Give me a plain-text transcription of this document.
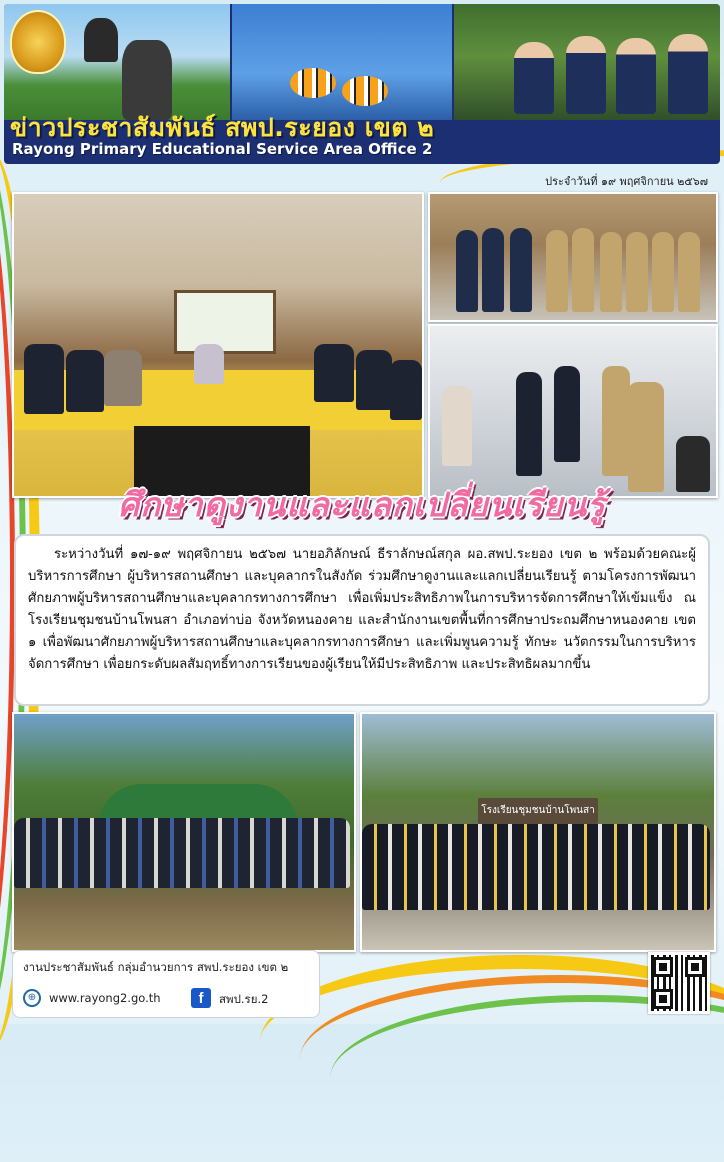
ข่าวประชาสัมพันธ์ สพป.ระยอง เขต ๒
Rayong Primary Educational Service Area Office 2
ประจำวันที่ ๑๙ พฤศจิกายน ๒๕๖๗
ศึกษาดูงานและแลกเปลี่ยนเรียนรู้

ระหว่างวันที่ ๑๗-๑๙ พฤศจิกายน ๒๕๖๗ นายอภิลักษณ์ ธีราลักษณ์สกุล ผอ.สพป.ระยอง เขต ๒ พร้อมด้วยคณะผู้บริหารการศึกษา ผู้บริหารสถานศึกษา และบุคลากรในสังกัด ร่วมศึกษาดูงานและแลกเปลี่ยนเรียนรู้ ตามโครงการพัฒนาศักยภาพผู้บริหารสถานศึกษาและบุคลากรทางการศึกษา เพื่อเพิ่มประสิทธิภาพในการบริหารจัดการศึกษาให้เข้มแข็ง ณ โรงเรียนชุมชนบ้านโพนสา อำเภอท่าบ่อ จังหวัดหนองคาย และสำนักงานเขตพื้นที่การศึกษาประถมศึกษาหนองคาย เขต ๑ เพื่อพัฒนาศักยภาพผู้บริหารสถานศึกษาและบุคลากรทางการศึกษา และเพิ่มพูนความรู้ ทักษะ นวัตกรรมในการบริหารจัดการศึกษา เพื่อยกระดับผลสัมฤทธิ์ทางการเรียนของผู้เรียนให้มีประสิทธิภาพ และประสิทธิผลมากขึ้น

โรงเรียนชุมชนบ้านโพนสา
งานประชาสัมพันธ์ กลุ่มอำนวยการ สพป.ระยอง เขต ๒
⊕	www.rayong2.go.th	f	สพป.รย.2
